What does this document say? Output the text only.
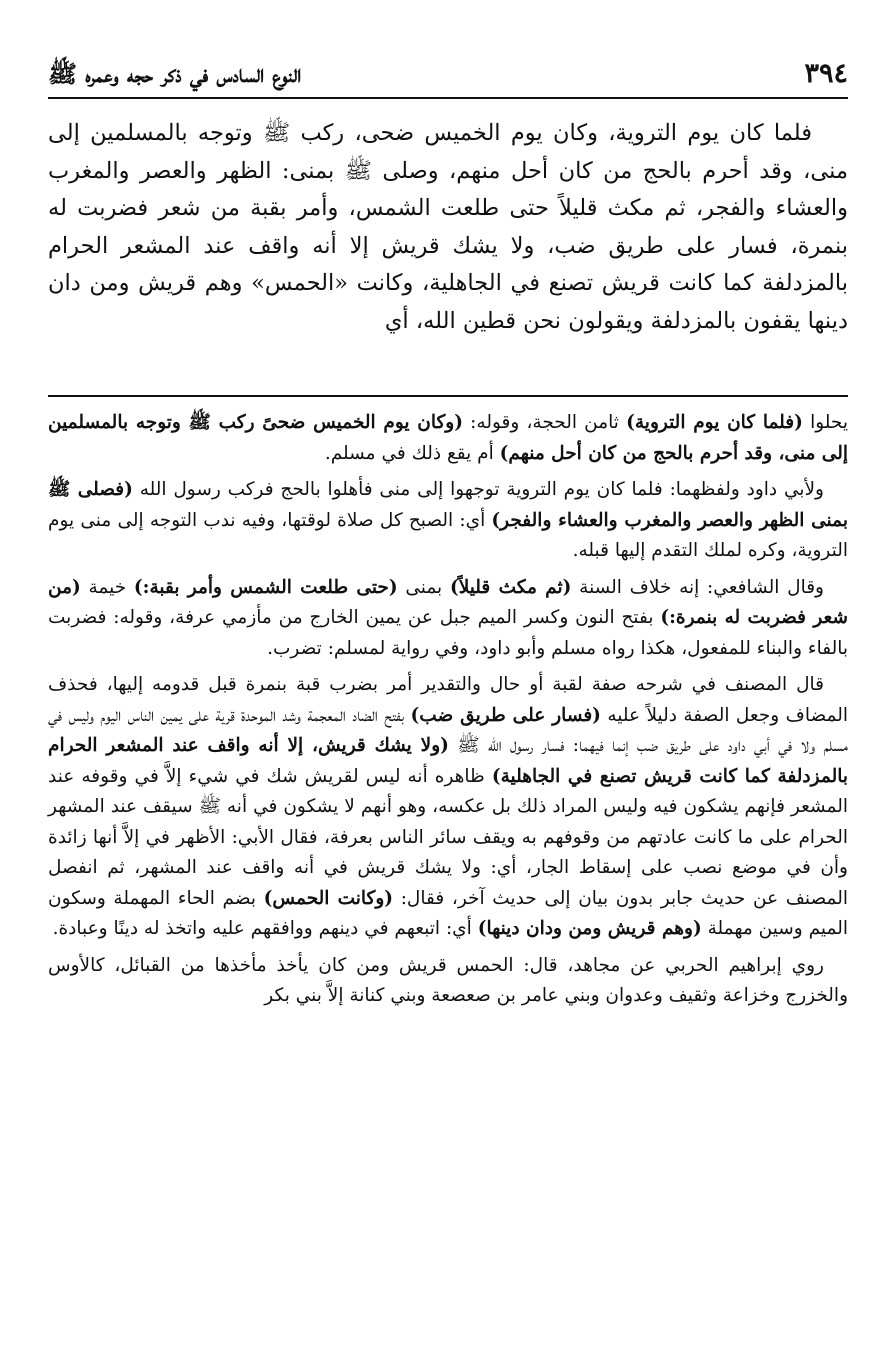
٣٩٤
النوع السادس في ذكر حجه وعمره ﷺ

فلما كان يوم التروية، وكان يوم الخميس ضحى، ركب ﷺ وتوجه بالمسلمين إلى منى، وقد أحرم بالحج من كان أحل منهم، وصلى ﷺ بمنى: الظهر والعصر والمغرب والعشاء والفجر، ثم مكث قليلاً حتى طلعت الشمس، وأمر بقبة من شعر فضربت له بنمرة، فسار على طريق ضب، ولا يشك قريش إلا أنه واقف عند المشعر الحرام بالمزدلفة كما كانت قريش تصنع في الجاهلية، وكانت «الحمس» وهم قريش ومن دان دينها يقفون بالمزدلفة ويقولون نحن قطين الله، أي

يحلوا (فلما كان يوم التروية) ثامن الحجة، وقوله: (وكان يوم الخميس ضحىً ركب ﷺ وتوجه بالمسلمين إلى منى، وقد أحرم بالحج من كان أحل منهم) أم يقع ذلك في مسلم.

ولأبي داود ولفظهما: فلما كان يوم التروية توجهوا إلى منى فأهلوا بالحج فركب رسول الله (فصلى ﷺ بمنى الظهر والعصر والمغرب والعشاء والفجر) أي: الصبح كل صلاة لوقتها، وفيه ندب التوجه إلى منى يوم التروية، وكره لملك التقدم إليها قبله.

وقال الشافعي: إنه خلاف السنة (ثم مكث قليلاً) بمنى (حتى طلعت الشمس وأمر بقبة:) خيمة (من شعر فضربت له بنمرة:) بفتح النون وكسر الميم جبل عن يمين الخارج من مأزمي عرفة، وقوله: فضربت بالفاء والبناء للمفعول، هكذا رواه مسلم وأبو داود، وفي رواية لمسلم: تضرب.

قال المصنف في شرحه صفة لقبة أو حال والتقدير أمر بضرب قبة بنمرة قبل قدومه إليها، فحذف المضاف وجعل الصفة دليلاً عليه (فسار على طريق ضب) بفتح الضاد المعجمة وشد الموحدة قرية على يمين الناس اليوم وليس في مسلم ولا في أبي داود على طريق ضب إنما فيهما: فسار رسول الله ﷺ (ولا يشك قريش، إلا أنه واقف عند المشعر الحرام بالمزدلفة كما كانت قريش تصنع في الجاهلية) ظاهره أنه ليس لقريش شك في شيء إلاَّ في وقوفه عند المشعر فإنهم يشكون فيه وليس المراد ذلك بل عكسه، وهو أنهم لا يشكون في أنه ﷺ سيقف عند المشهر الحرام على ما كانت عادتهم من وقوفهم به ويقف سائر الناس بعرفة، فقال الأبي: الأظهر في إلاَّ أنها زائدة وأن في موضع نصب على إسقاط الجار، أي: ولا يشك قريش في أنه واقف عند المشهر، ثم انفصل المصنف عن حديث جابر بدون بيان إلى حديث آخر، فقال: (وكانت الحمس) بضم الحاء المهملة وسكون الميم وسين مهملة (وهم قريش ومن ودان دينها) أي: اتبعهم في دينهم ووافقهم عليه واتخذ له دينًا وعبادة.

روي إبراهيم الحربي عن مجاهد، قال: الحمس قريش ومن كان يأخذ مأخذها من القبائل، كالأوس والخزرج وخزاعة وثقيف وعدوان وبني عامر بن صعصعة وبني كنانة إلاَّ بني بكر
